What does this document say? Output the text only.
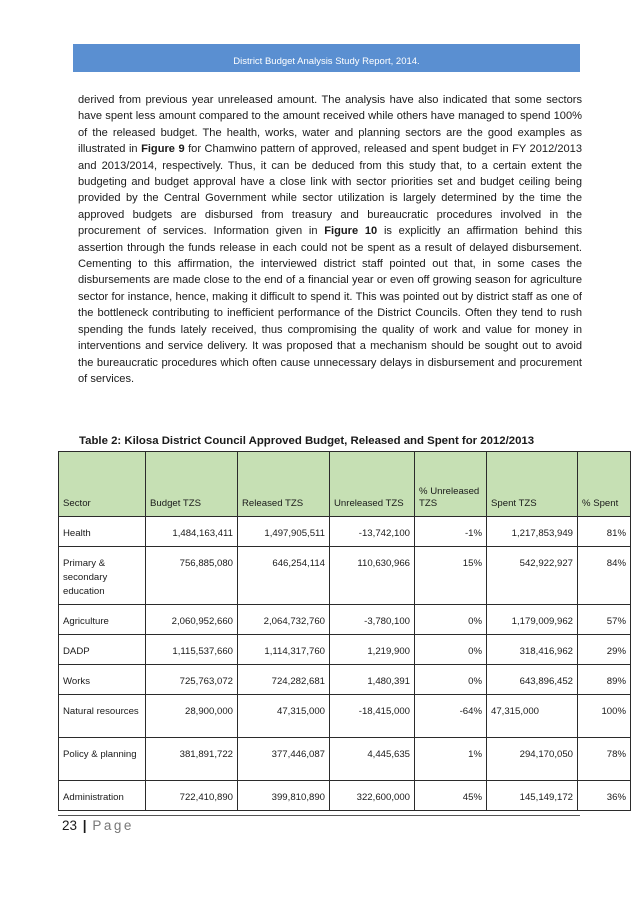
District Budget Analysis Study Report, 2014.

derived from previous year unreleased amount. The analysis have also indicated that some sectors have spent less amount compared to the amount received while others have managed to spend 100% of the released budget. The health, works, water and planning sectors are the good examples as illustrated in Figure 9 for Chamwino pattern of approved, released and spent budget in FY 2012/2013 and 2013/2014, respectively. Thus, it can be deduced from this study that, to a certain extent the budgeting and budget approval have a close link with sector priorities set and budget ceiling being provided by the Central Government while sector utilization is largely determined by the time the approved budgets are disbursed from treasury and bureaucratic procedures involved in the procurement of services. Information given in Figure 10 is explicitly an affirmation behind this assertion through the funds release in each could not be spent as a result of delayed disbursement. Cementing to this affirmation, the interviewed district staff pointed out that, in some cases the disbursements are made close to the end of a financial year or even off growing season for agriculture sector for instance, hence, making it difficult to spend it. This was pointed out by district staff as one of the bottleneck contributing to inefficient performance of the District Councils. Often they tend to rush spending the funds lately received, thus compromising the quality of work and value for money in interventions and service delivery. It was proposed that a mechanism should be sought out to avoid the bureaucratic procedures which often cause unnecessary delays in disbursement and procurement of services.

Table 2: Kilosa District Council Approved Budget, Released and Spent for 2012/2013
Sector	Budget TZS	Released TZS	Unreleased TZS	% Unreleased TZS	Spent TZS	% Spent
Health	1,484,163,411	1,497,905,511	-13,742,100	-1%	1,217,853,949	81%
Primary & secondary education	756,885,080	646,254,114	110,630,966	15%	542,922,927	84%
Agriculture	2,060,952,660	2,064,732,760	-3,780,100	0%	1,179,009,962	57%
DADP	1,115,537,660	1,114,317,760	1,219,900	0%	318,416,962	29%
Works	725,763,072	724,282,681	1,480,391	0%	643,896,452	89%
Natural resources	28,900,000	47,315,000	-18,415,000	-64%	47,315,000	100%
Policy & planning	381,891,722	377,446,087	4,445,635	1%	294,170,050	78%
Administration	722,410,890	399,810,890	322,600,000	45%	145,149,172	36%
23 | Page
